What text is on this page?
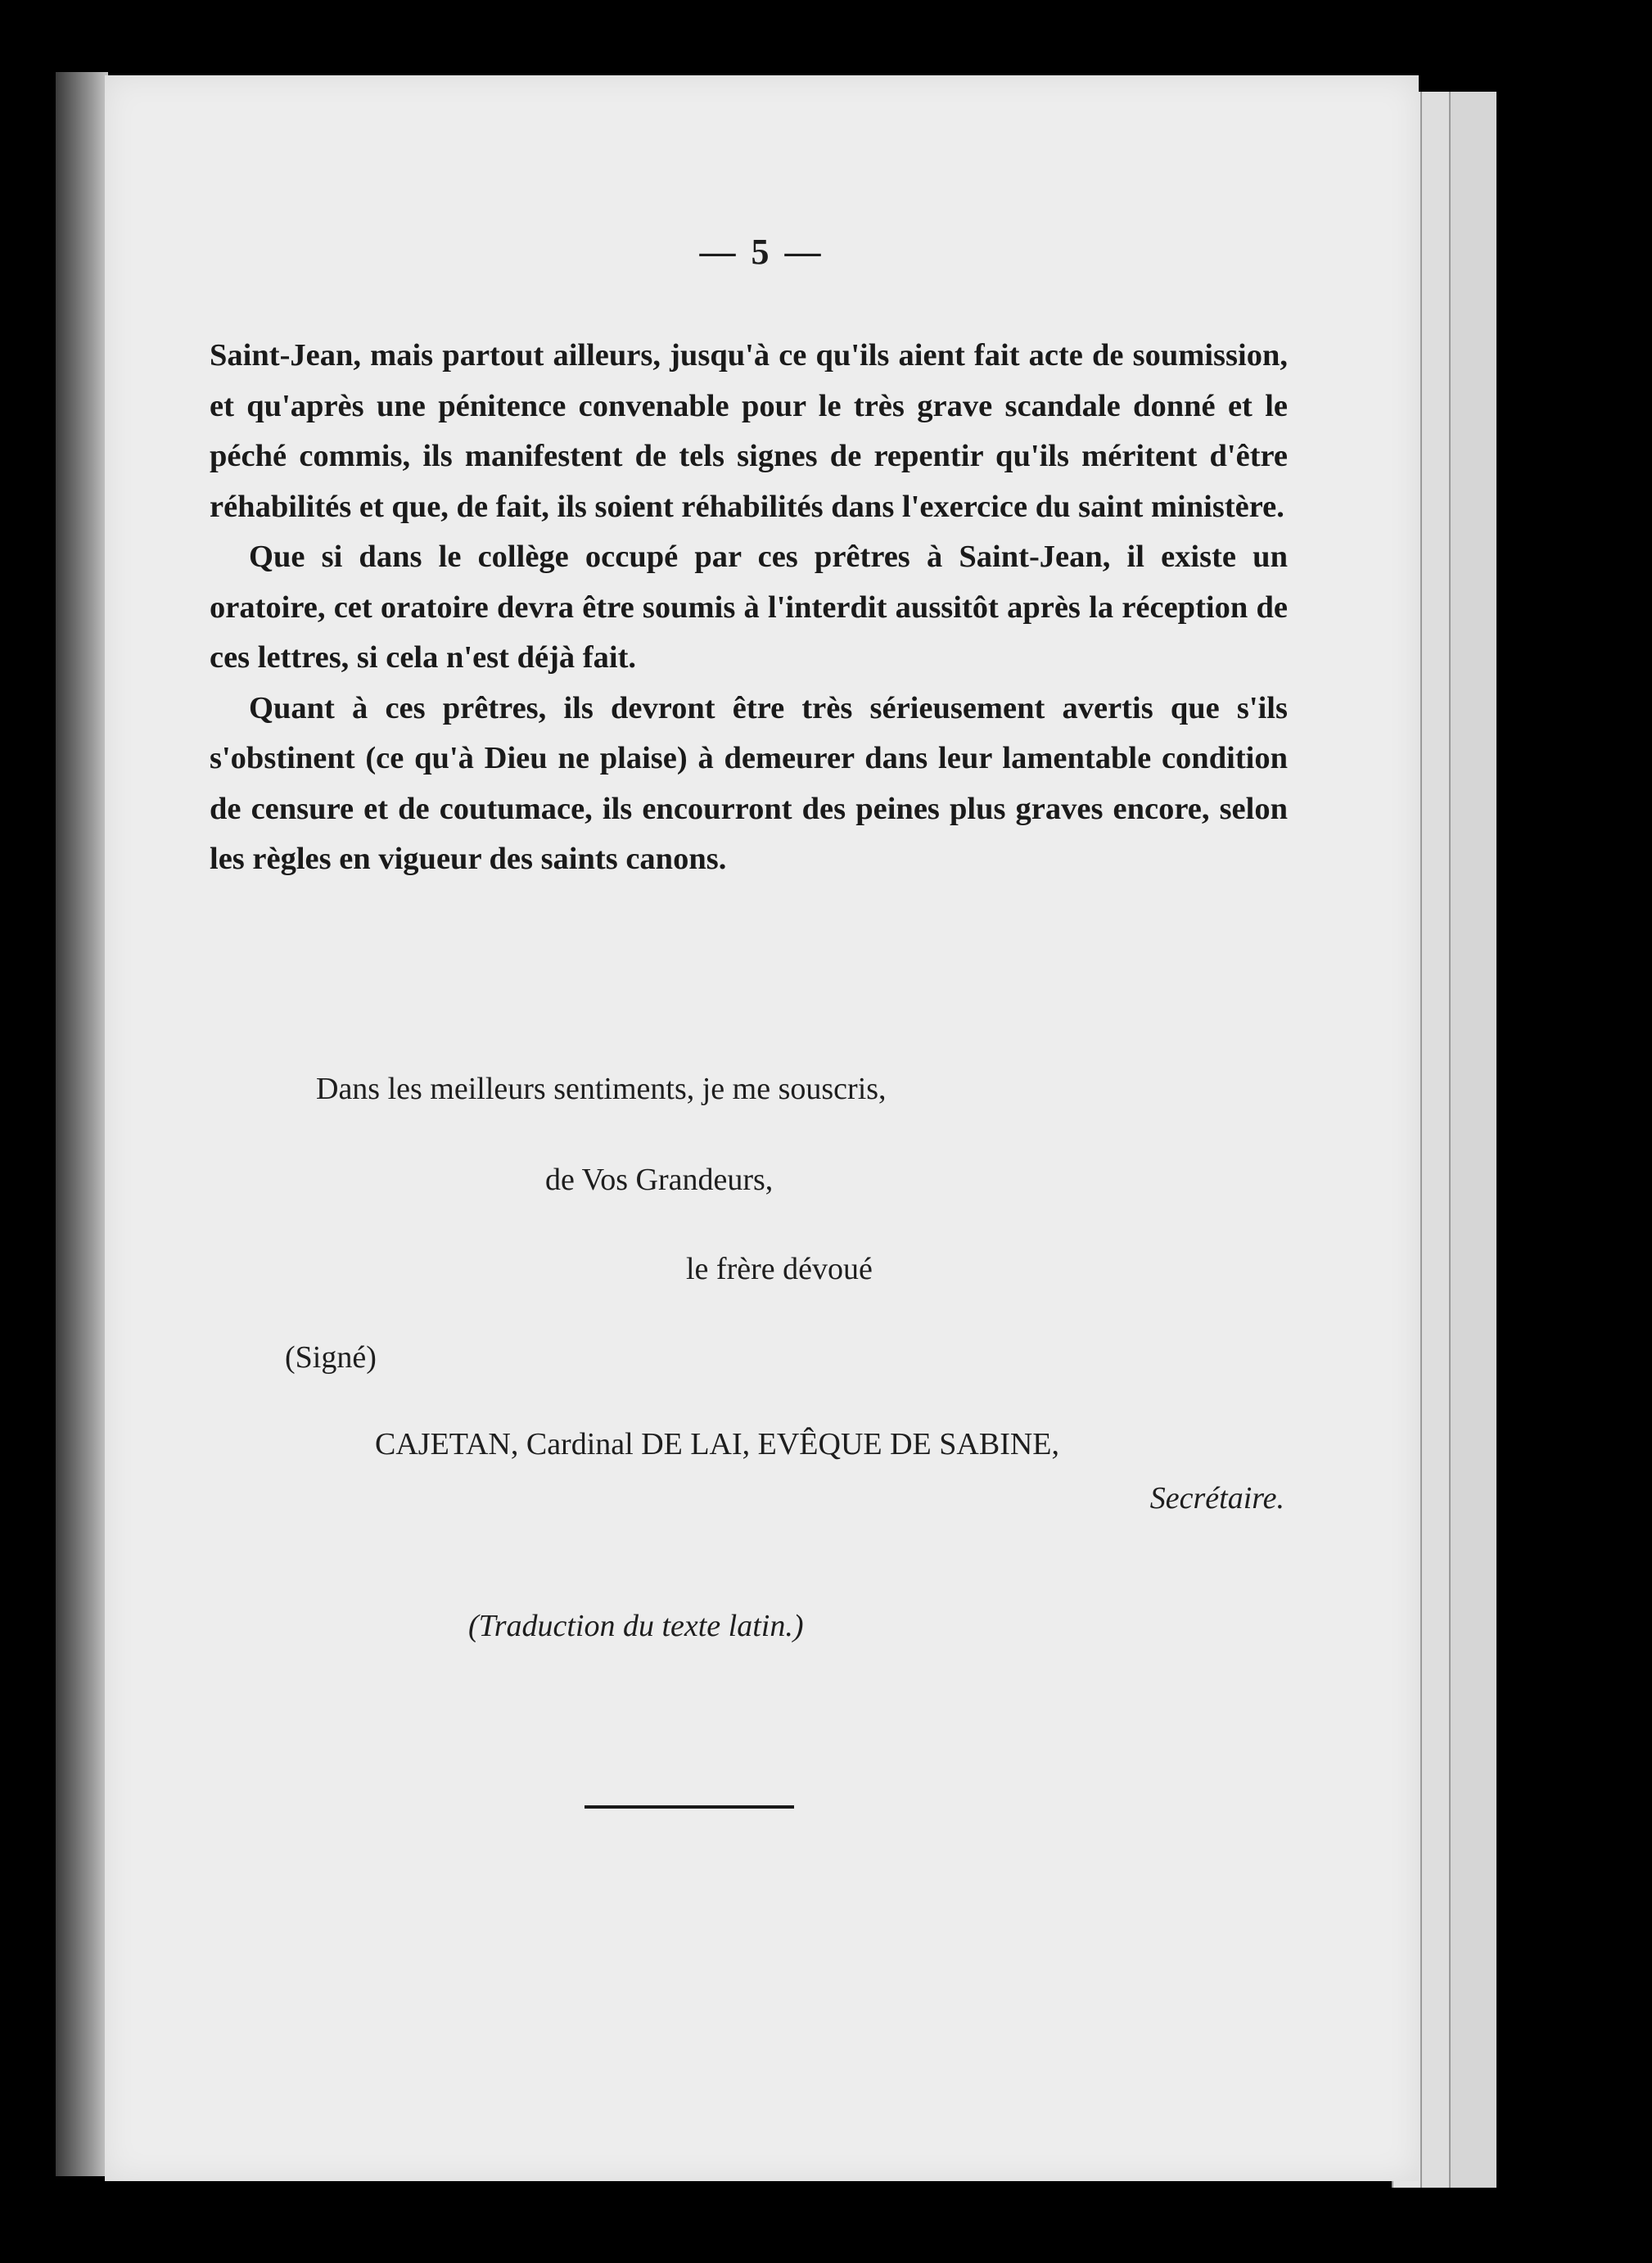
— 5 —

Saint-Jean, mais partout ailleurs, jusqu'à ce qu'ils aient fait acte de soumission, et qu'après une pénitence convenable pour le très grave scandale donné et le péché commis, ils manifestent de tels signes de repentir qu'ils méritent d'être réhabilités et que, de fait, ils soient réhabilités dans l'exercice du saint ministère.

Que si dans le collège occupé par ces prêtres à Saint-Jean, il existe un oratoire, cet oratoire devra être soumis à l'interdit aussitôt après la réception de ces lettres, si cela n'est déjà fait.

Quant à ces prêtres, ils devront être très sérieusement avertis que s'ils s'obstinent (ce qu'à Dieu ne plaise) à demeurer dans leur lamentable condition de censure et de coutumace, ils encourront des peines plus graves encore, selon les règles en vigueur des saints canons.

Dans les meilleurs sentiments, je me souscris,
de Vos Grandeurs,
le frère dévoué
(Signé)
CAJETAN, Cardinal DE LAI, EVÊQUE DE SABINE,
Secrétaire.
(Traduction du texte latin.)
